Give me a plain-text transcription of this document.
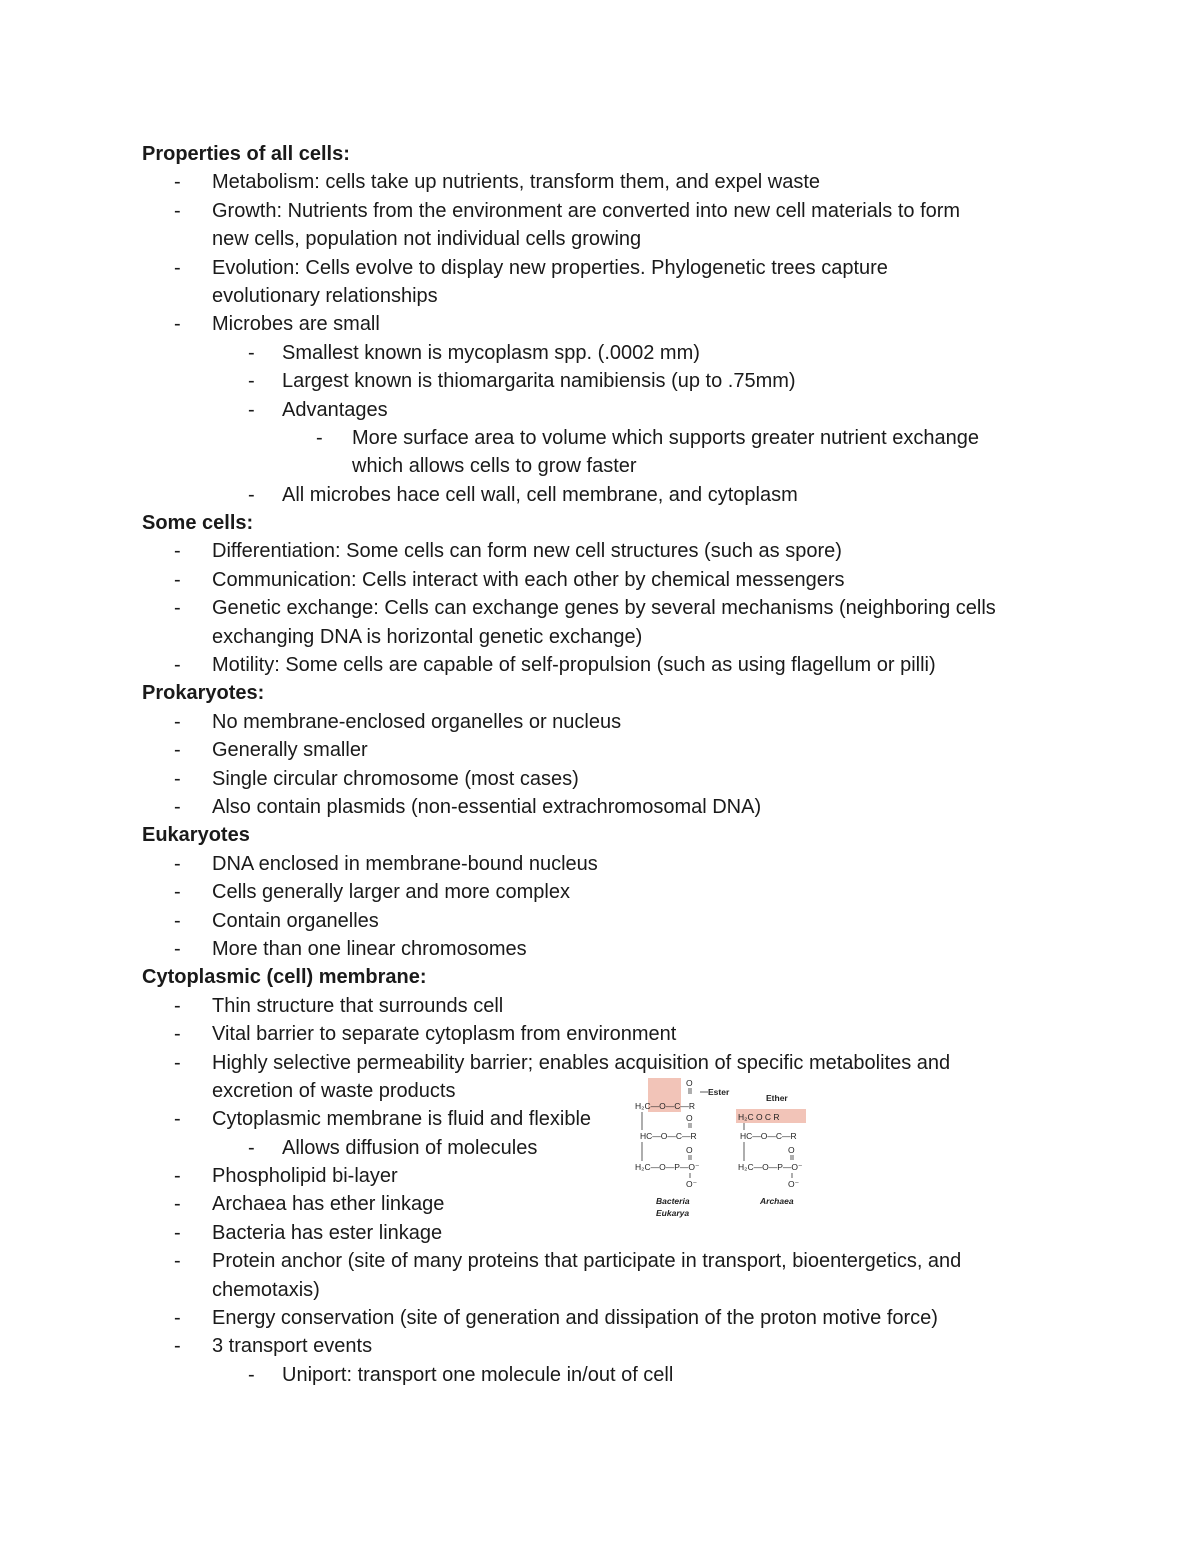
Properties of all cells:
- Metabolism: cells take up nutrients, transform them, and expel waste
- Growth: Nutrients from the environment are converted into new cell materials to form
new cells, population not individual cells growing
- Evolution: Cells evolve to display new properties. Phylogenetic trees capture
evolutionary relationships
- Microbes are small
- Smallest known is mycoplasm spp. (.0002 mm)
- Largest known is thiomargarita namibiensis (up to .75mm)
- Advantages
- More surface area to volume which supports greater nutrient exchange
which allows cells to grow faster
- All microbes hace cell wall, cell membrane, and cytoplasm
Some cells:
- Differentiation: Some cells can form new cell structures (such as spore)
- Communication: Cells interact with each other by chemical messengers
- Genetic exchange: Cells can exchange genes by several mechanisms (neighboring cells
exchanging DNA is horizontal genetic exchange)
- Motility: Some cells are capable of self-propulsion (such as using flagellum or pilli)
Prokaryotes:
- No membrane-enclosed organelles or nucleus
- Generally smaller
- Single circular chromosome (most cases)
- Also contain plasmids (non-essential extrachromosomal DNA)
Eukaryotes
- DNA enclosed in membrane-bound nucleus
- Cells generally larger and more complex
- Contain organelles
- More than one linear chromosomes
Cytoplasmic (cell) membrane:
- Thin structure that surrounds cell
- Vital barrier to separate cytoplasm from environment
- Highly selective permeability barrier; enables acquisition of specific metabolites and
excretion of waste products
- Cytoplasmic membrane is fluid and flexible
- Allows diffusion of molecules
- Phospholipid bi-layer
- Archaea has ether linkage
- Bacteria has ester linkage
- Protein anchor (site of many proteins that participate in transport, bioentergetics, and
chemotaxis)
- Energy conservation (site of generation and dissipation of the proton motive force)
- 3 transport events
- Uniport: transport one molecule in/out of cell
O
Ester
H₂C—O—C—R
O
HC—O—C—R
O
H₂C—O—P—O⁻
O⁻
Bacteria
Eukarya
Ether
H₂C O C R
HC—O—C—R
O
H₂C—O—P—O⁻
O⁻
Archaea
